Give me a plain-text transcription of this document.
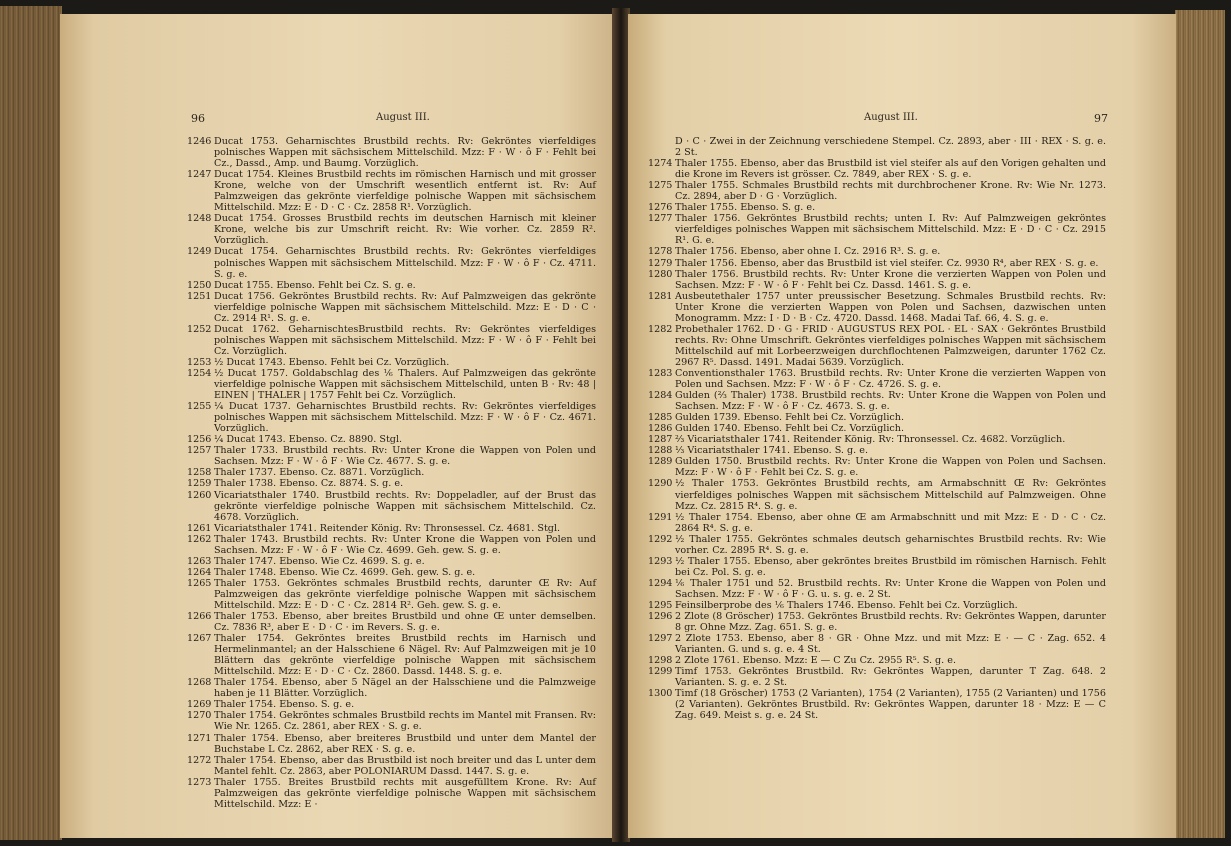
96	August III.
1246 Ducat 1753. Geharnischtes Brustbild rechts. Rv: Gekröntes vierfeldiges polnisches Wappen mit sächsischem Mittelschild. Mzz: F · W · ô F · Fehlt bei Cz., Dassd., Amp. und Baumg. Vorzüglich.
1247 Ducat 1754. Kleines Brustbild rechts im römischen Harnisch und mit grosser Krone, welche von der Umschrift wesentlich entfernt ist. Rv: Auf Palmzweigen das gekrönte vierfeldige polnische Wappen mit sächsischem Mittelschild. Mzz: E · D · C · Cz. 2858 R¹. Vorzüglich.
1248 Ducat 1754. Grosses Brustbild rechts im deutschen Harnisch mit kleiner Krone, welche bis zur Umschrift reicht. Rv: Wie vorher. Cz. 2859 R². Vorzüglich.
1249 Ducat 1754. Geharnischtes Brustbild rechts. Rv: Gekröntes vierfeldiges polnisches Wappen mit sächsischem Mittelschild. Mzz: F · W · ô F · Cz. 4711. S. g. e.
1250 Ducat 1755. Ebenso. Fehlt bei Cz. S. g. e.
1251 Ducat 1756. Gekröntes Brustbild rechts. Rv: Auf Palmzweigen das gekrönte vierfeldige polnische Wappen mit sächsischem Mittelschild. Mzz: E · D · C · Cz. 2914 R¹. S. g. e.
1252 Ducat 1762. GeharnischtesBrustbild rechts. Rv: Gekröntes vierfeldiges polnisches Wappen mit sächsischem Mittelschild. Mzz: F · W · ô F · Fehlt bei Cz. Vorzüglich.
1253 ½ Ducat 1743. Ebenso. Fehlt bei Cz. Vorzüglich.
1254 ½ Ducat 1757. Goldabschlag des ⅙ Thalers. Auf Palmzweigen das gekrönte vierfeldige polnische Wappen mit sächsischem Mittelschild, unten B · Rv: 48 | EINEN | THALER | 1757 Fehlt bei Cz. Vorzüglich.
1255 ¼ Ducat 1737. Geharnischtes Brustbild rechts. Rv: Gekröntes vierfeldiges polnisches Wappen mit sächsischem Mittelschild. Mzz: F · W · ô F · Cz. 4671. Vorzüglich.
1256 ¼ Ducat 1743. Ebenso. Cz. 8890. Stgl.
1257 Thaler 1733. Brustbild rechts. Rv: Unter Krone die Wappen von Polen und Sachsen. Mzz: F · W · ô F · Wie Cz. 4677. S. g. e.
1258 Thaler 1737. Ebenso. Cz. 8871. Vorzüglich.
1259 Thaler 1738. Ebenso. Cz. 8874. S. g. e.
1260 Vicariatsthaler 1740. Brustbild rechts. Rv: Doppeladler, auf der Brust das gekrönte vierfeldige polnische Wappen mit sächsischem Mittelschild. Cz. 4678. Vorzüglich.
1261 Vicariatsthaler 1741. Reitender König. Rv: Thronsessel. Cz. 4681. Stgl.
1262 Thaler 1743. Brustbild rechts. Rv: Unter Krone die Wappen von Polen und Sachsen. Mzz: F · W · ô F · Wie Cz. 4699. Geh. gew. S. g. e.
1263 Thaler 1747. Ebenso. Wie Cz. 4699. S. g. e.
1264 Thaler 1748. Ebenso. Wie Cz. 4699. Geh. gew. S. g. e.
1265 Thaler 1753. Gekröntes schmales Brustbild rechts, darunter Œ Rv: Auf Palmzweigen das gekrönte vierfeldige polnische Wappen mit sächsischem Mittelschild. Mzz: E · D · C · Cz. 2814 R². Geh. gew. S. g. e.
1266 Thaler 1753. Ebenso, aber breites Brustbild und ohne Œ unter demselben. Cz. 7836 R³, aber E · D · C · im Revers. S. g. e.
1267 Thaler 1754. Gekröntes breites Brustbild rechts im Harnisch und Hermelinmantel; an der Halsschiene 6 Nägel. Rv: Auf Palmzweigen mit je 10 Blättern das gekrönte vierfeldige polnische Wappen mit sächsischem Mittelschild. Mzz: E · D · C · Cz. 2860. Dassd. 1448. S. g. e.
1268 Thaler 1754. Ebenso, aber 5 Nägel an der Halsschiene und die Palmzweige haben je 11 Blätter. Vorzüglich.
1269 Thaler 1754. Ebenso. S. g. e.
1270 Thaler 1754. Gekröntes schmales Brustbild rechts im Mantel mit Fransen. Rv: Wie Nr. 1265. Cz. 2861, aber REX · S. g. e.
1271 Thaler 1754. Ebenso, aber breiteres Brustbild und unter dem Mantel der Buchstabe L Cz. 2862, aber REX · S. g. e.
1272 Thaler 1754. Ebenso, aber das Brustbild ist noch breiter und das L unter dem Mantel fehlt. Cz. 2863, aber POLONIARUM Dassd. 1447. S. g. e.
1273 Thaler 1755. Breites Brustbild rechts mit ausgefülltem Krone. Rv: Auf Palmzweigen das gekrönte vierfeldige polnische Wappen mit sächsischem Mittelschild. Mzz: E ·
August III.	97
D · C · Zwei in der Zeichnung verschiedene Stempel. Cz. 2893, aber · III · REX · S. g. e. 2 St.
1274 Thaler 1755. Ebenso, aber das Brustbild ist viel steifer als auf den Vorigen gehalten und die Krone im Revers ist grösser. Cz. 7849, aber REX · S. g. e.
1275 Thaler 1755. Schmales Brustbild rechts mit durchbrochener Krone. Rv: Wie Nr. 1273. Cz. 2894, aber D · G · Vorzüglich.
1276 Thaler 1755. Ebenso. S. g. e.
1277 Thaler 1756. Gekröntes Brustbild rechts; unten I. Rv: Auf Palmzweigen gekröntes vierfeldiges polnisches Wappen mit sächsischem Mittelschild. Mzz: E · D · C · Cz. 2915 R¹. G. e.
1278 Thaler 1756. Ebenso, aber ohne I. Cz. 2916 R³. S. g. e.
1279 Thaler 1756. Ebenso, aber das Brustbild ist viel steifer. Cz. 9930 R⁴, aber REX · S. g. e.
1280 Thaler 1756. Brustbild rechts. Rv: Unter Krone die verzierten Wappen von Polen und Sachsen. Mzz: F · W · ô F · Fehlt bei Cz. Dassd. 1461. S. g. e.
1281 Ausbeutethaler 1757 unter preussischer Besetzung. Schmales Brustbild rechts. Rv: Unter Krone die verzierten Wappen von Polen und Sachsen, dazwischen unten Monogramm. Mzz: I · D · B · Cz. 4720. Dassd. 1468. Madai Taf. 66, 4. S. g. e.
1282 Probethaler 1762. D · G · FRID · AUGUSTUS REX POL · EL · SAX · Gekröntes Brustbild rechts. Rv: Ohne Umschrift. Gekröntes vierfeldiges polnisches Wappen mit sächsischem Mittelschild auf mit Lorbeerzweigen durchflochtenen Palmzweigen, darunter 1762 Cz. 2967 R⁵. Dassd. 1491. Madai 5639. Vorzüglich.
1283 Conventionsthaler 1763. Brustbild rechts. Rv: Unter Krone die verzierten Wappen von Polen und Sachsen. Mzz: F · W · ô F · Cz. 4726. S. g. e.
1284 Gulden (⅔ Thaler) 1738. Brustbild rechts. Rv: Unter Krone die Wappen von Polen und Sachsen. Mzz: F · W · ô F · Cz. 4673. S. g. e.
1285 Gulden 1739. Ebenso. Fehlt bei Cz. Vorzüglich.
1286 Gulden 1740. Ebenso. Fehlt bei Cz. Vorzüglich.
1287 ⅔ Vicariatsthaler 1741. Reitender König. Rv: Thronsessel. Cz. 4682. Vorzüglich.
1288 ⅓ Vicariatsthaler 1741. Ebenso. S. g. e.
1289 Gulden 1750. Brustbild rechts. Rv: Unter Krone die Wappen von Polen und Sachsen. Mzz: F · W · ô F · Fehlt bei Cz. S. g. e.
1290 ½ Thaler 1753. Gekröntes Brustbild rechts, am Armabschnitt Œ Rv: Gekröntes vierfeldiges polnisches Wappen mit sächsischem Mittelschild auf Palmzweigen. Ohne Mzz. Cz. 2815 R⁴. S. g. e.
1291 ½ Thaler 1754. Ebenso, aber ohne Œ am Armabschnitt und mit Mzz: E · D · C · Cz. 2864 R⁴. S. g. e.
1292 ½ Thaler 1755. Gekröntes schmales deutsch geharnischtes Brustbild rechts. Rv: Wie vorher. Cz. 2895 R⁴. S. g. e.
1293 ½ Thaler 1755. Ebenso, aber gekröntes breites Brustbild im römischen Harnisch. Fehlt bei Cz. Pol. S. g. e.
1294 ⅙ Thaler 1751 und 52. Brustbild rechts. Rv: Unter Krone die Wappen von Polen und Sachsen. Mzz: F · W · ô F · G. u. s. g. e. 2 St.
1295 Feinsilberprobe des ⅙ Thalers 1746. Ebenso. Fehlt bei Cz. Vorzüglich.
1296 2 Zlote (8 Gröscher) 1753. Gekröntes Brustbild rechts. Rv: Gekröntes Wappen, darunter 8 gr. Ohne Mzz. Zag. 651. S. g. e.
1297 2 Zlote 1753. Ebenso, aber 8 · GR · Ohne Mzz. und mit Mzz: E · — C · Zag. 652. 4 Varianten. G. und s. g. e. 4 St.
1298 2 Zlote 1761. Ebenso. Mzz: E — C Zu Cz. 2955 R⁵. S. g. e.
1299 Timf 1753. Gekröntes Brustbild. Rv: Gekröntes Wappen, darunter T Zag. 648. 2 Varianten. S. g. e. 2 St.
1300 Timf (18 Gröscher) 1753 (2 Varianten), 1754 (2 Varianten), 1755 (2 Varianten) und 1756 (2 Varianten). Gekröntes Brustbild. Rv: Gekröntes Wappen, darunter 18 · Mzz: E — C Zag. 649. Meist s. g. e. 24 St.
